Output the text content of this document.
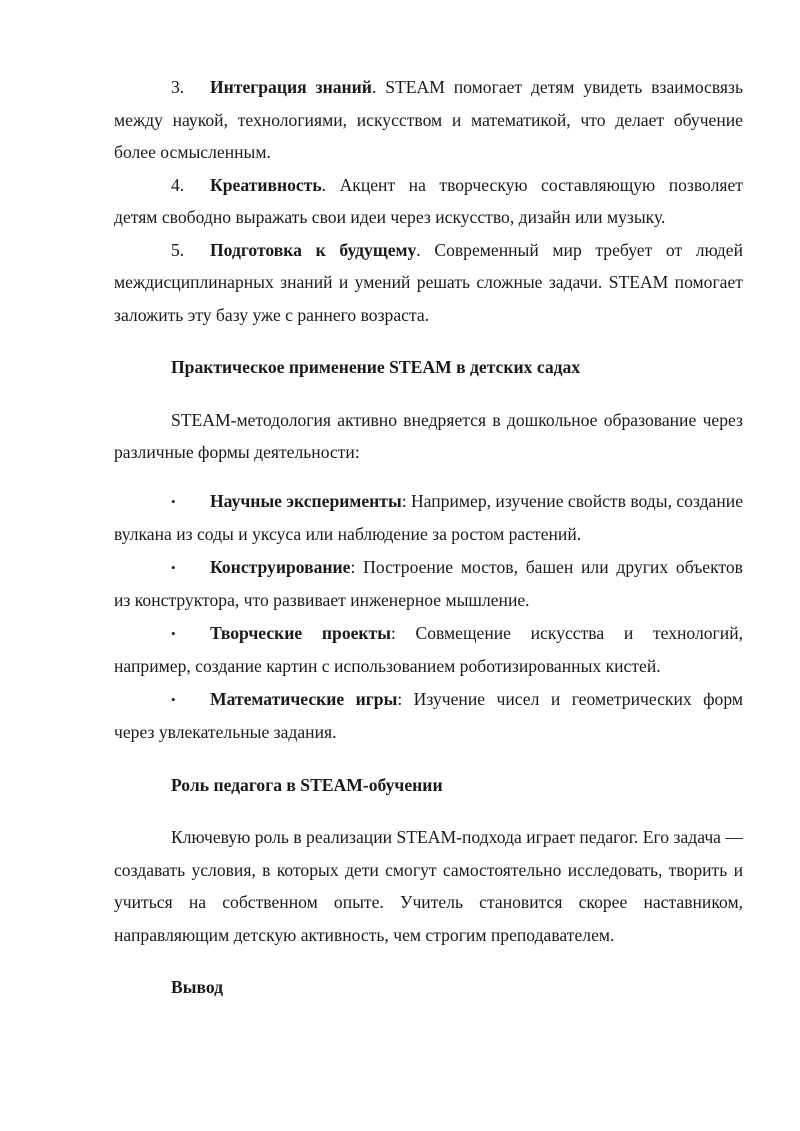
3. Интеграция знаний. STEAM помогает детям увидеть взаимосвязь между наукой, технологиями, искусством и математикой, что делает обучение более осмысленным.

4. Креативность. Акцент на творческую составляющую позволяет детям свободно выражать свои идеи через искусство, дизайн или музыку.

5. Подготовка к будущему. Современный мир требует от людей междисциплинарных знаний и умений решать сложные задачи. STEAM помогает заложить эту базу уже с раннего возраста.

Практическое применение STEAM в детских садах

STEAM-методология активно внедряется в дошкольное образование через различные формы деятельности:

• Научные эксперименты: Например, изучение свойств воды, создание вулкана из соды и уксуса или наблюдение за ростом растений.

• Конструирование: Построение мостов, башен или других объектов из конструктора, что развивает инженерное мышление.

• Творческие проекты: Совмещение искусства и технологий, например, создание картин с использованием роботизированных кистей.

• Математические игры: Изучение чисел и геометрических форм через увлекательные задания.

Роль педагога в STEAM-обучении

Ключевую роль в реализации STEAM-подхода играет педагог. Его задача — создавать условия, в которых дети смогут самостоятельно исследовать, творить и учиться на собственном опыте. Учитель становится скорее наставником, направляющим детскую активность, чем строгим преподавателем.

Вывод
